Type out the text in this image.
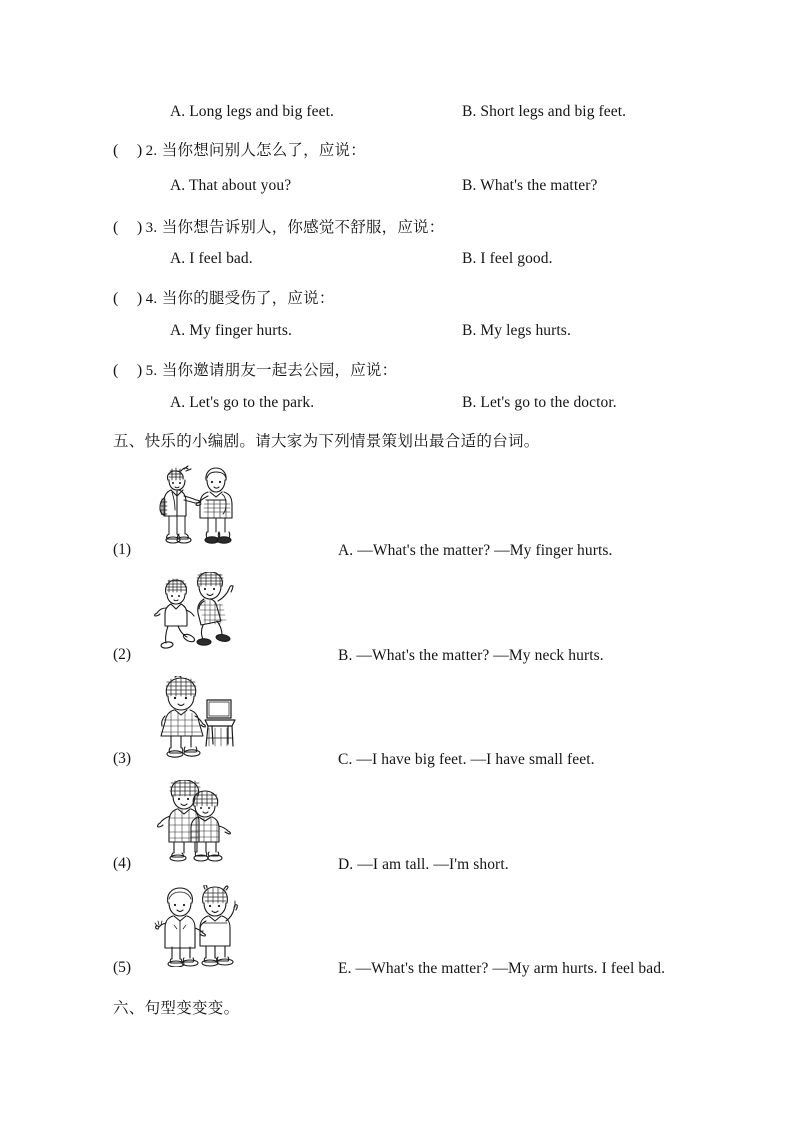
A. Long legs and big feet.	B. Short legs and big feet.
(  )2. 当你想问别人怎么了，应说：
A. That about you?	B. What's the matter?
(  )3. 当你想告诉别人，你感觉不舒服，应说：
A. I feel bad.	B. I feel good.
(  )4. 当你的腿受伤了，应说：
A. My finger hurts.	B. My legs hurts.
(  )5. 当你邀请朋友一起去公园，应说：
A. Let's go to the park.	B. Let's go to the doctor.
五、快乐的小编剧。请大家为下列情景策划出最合适的台词。
(1)	A. —What's the matter? —My finger hurts.
(2)	B. —What's the matter? —My neck hurts.
(3)	C. —I have big feet. —I have small feet.
(4)	D. —I am tall. —I'm short.
(5)	E. —What's the matter? —My arm hurts. I feel bad.
六、句型变变变。
